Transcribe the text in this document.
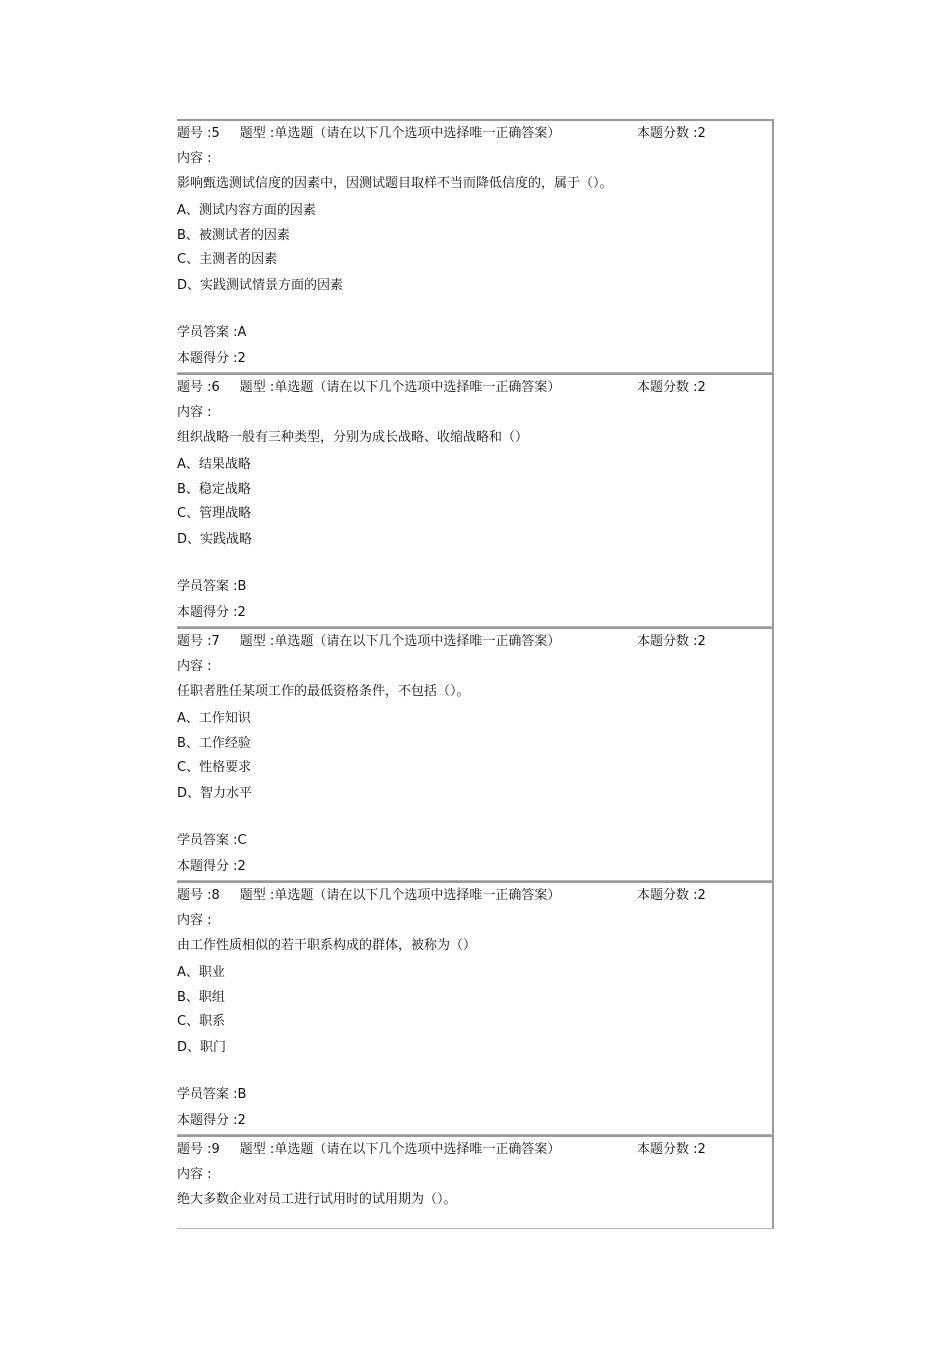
题号 :5 题型 :单选题（请在以下几个选项中选择唯一正确答案）	本题分数 :2
内容 :
影响甄选测试信度的因素中，因测试题目取样不当而降低信度的，属于（）。
A、测试内容方面的因素
B、被测试者的因素
C、主测者的因素
D、实践测试情景方面的因素
学员答案 :A
本题得分 :2
题号 :6 题型 :单选题（请在以下几个选项中选择唯一正确答案）	本题分数 :2
内容 :
组织战略一般有三种类型，分别为成长战略、收缩战略和（）
A、结果战略
B、稳定战略
C、管理战略
D、实践战略
学员答案 :B
本题得分 :2
题号 :7 题型 :单选题（请在以下几个选项中选择唯一正确答案）	本题分数 :2
内容 :
任职者胜任某项工作的最低资格条件，不包括（）。
A、工作知识
B、工作经验
C、性格要求
D、智力水平
学员答案 :C
本题得分 :2
题号 :8 题型 :单选题（请在以下几个选项中选择唯一正确答案）	本题分数 :2
内容 :
由工作性质相似的若干职系构成的群体，被称为（）
A、职业
B、职组
C、职系
D、职门
学员答案 :B
本题得分 :2
题号 :9 题型 :单选题（请在以下几个选项中选择唯一正确答案）	本题分数 :2
内容 :
绝大多数企业对员工进行试用时的试用期为（）。
